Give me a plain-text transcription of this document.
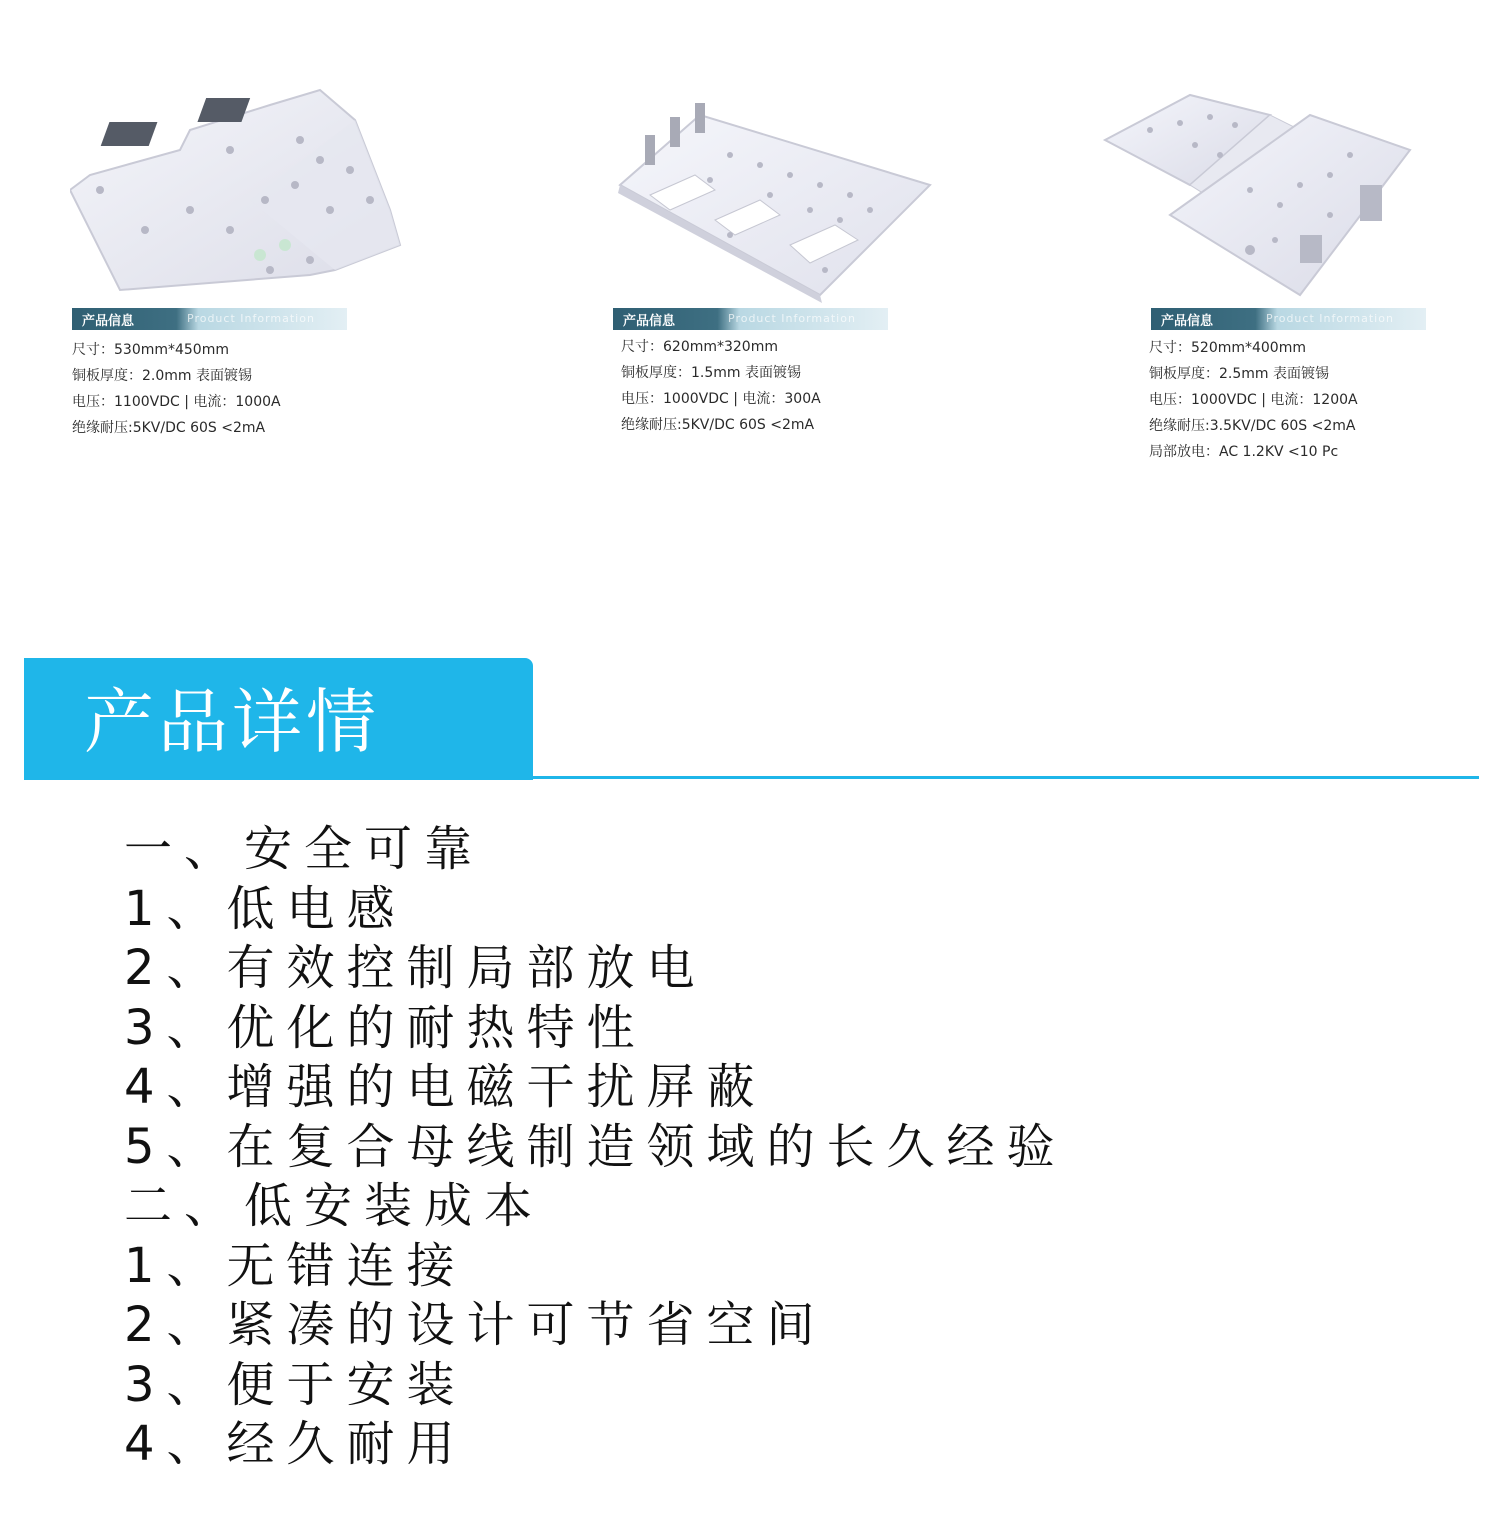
产品信息	Product Information
尺寸：530mm*450mm
铜板厚度：2.0mm 表面镀锡
电压：1100VDC | 电流：1000A
绝缘耐压:5KV/DC 60S <2mA
产品信息	Product Information
尺寸：620mm*320mm
铜板厚度：1.5mm 表面镀锡
电压：1000VDC | 电流：300A
绝缘耐压:5KV/DC 60S <2mA
产品信息	Product Information
尺寸：520mm*400mm
铜板厚度：2.5mm 表面镀锡
电压：1000VDC | 电流：1200A
绝缘耐压:3.5KV/DC 60S <2mA
局部放电：AC 1.2KV <10 Pc
产品详情
一、安全可靠
1、低电感
2、有效控制局部放电
3、优化的耐热特性
4、增强的电磁干扰屏蔽
5、在复合母线制造领域的长久经验
二、低安装成本
1、无错连接
2、紧凑的设计可节省空间
3、便于安装
4、经久耐用
